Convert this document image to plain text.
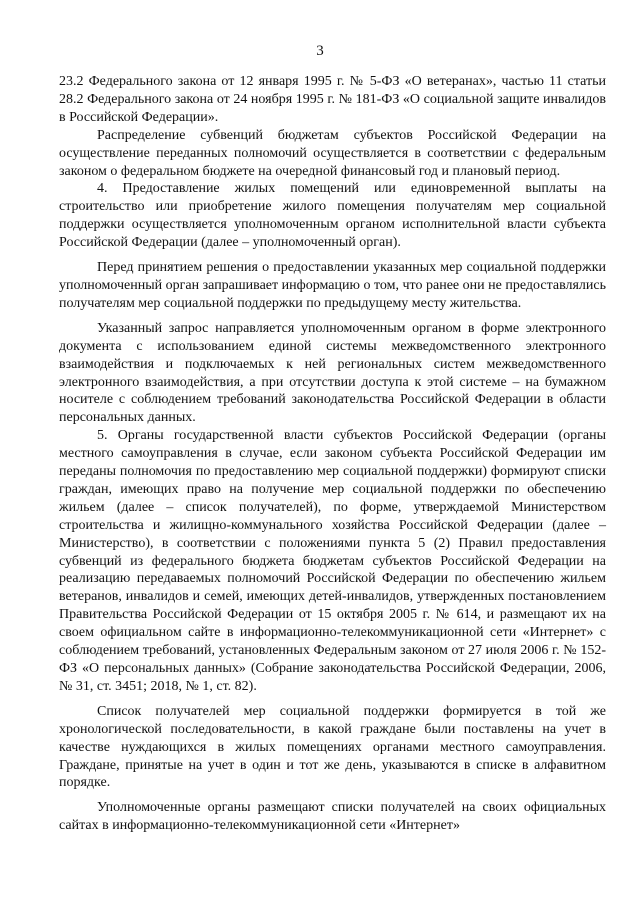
3

23.2 Федерального закона от 12 января 1995 г. № 5-ФЗ «О ветеранах», частью 11 статьи 28.2 Федерального закона от 24 ноября 1995 г. № 181-ФЗ «О социальной защите инвалидов в Российской Федерации».

Распределение субвенций бюджетам субъектов Российской Федерации на осуществление переданных полномочий осуществляется в соответствии с федеральным законом о федеральном бюджете на очередной финансовый год и плановый период.

4. Предоставление жилых помещений или единовременной выплаты на строительство или приобретение жилого помещения получателям мер социальной поддержки осуществляется уполномоченным органом исполнительной власти субъекта Российской Федерации (далее – уполномоченный орган).

Перед принятием решения о предоставлении указанных мер социальной поддержки уполномоченный орган запрашивает информацию о том, что ранее они не предоставлялись получателям мер социальной поддержки по предыдущему месту жительства.

Указанный запрос направляется уполномоченным органом в форме электронного документа с использованием единой системы межведомственного электронного взаимодействия и подключаемых к ней региональных систем межведомственного электронного взаимодействия, а при отсутствии доступа к этой системе – на бумажном носителе с соблюдением требований законодательства Российской Федерации в области персональных данных.

5. Органы государственной власти субъектов Российской Федерации (органы местного самоуправления в случае, если законом субъекта Российской Федерации им переданы полномочия по предоставлению мер социальной поддержки) формируют списки граждан, имеющих право на получение мер социальной поддержки по обеспечению жильем (далее – список получателей), по форме, утверждаемой Министерством строительства и жилищно-коммунального хозяйства Российской Федерации (далее – Министерство), в соответствии с положениями пункта 5 (2) Правил предоставления субвенций из федерального бюджета бюджетам субъектов Российской Федерации на реализацию передаваемых полномочий Российской Федерации по обеспечению жильем ветеранов, инвалидов и семей, имеющих детей-инвалидов, утвержденных постановлением Правительства Российской Федерации от 15 октября 2005 г. № 614, и размещают их на своем официальном сайте в информационно-телекоммуникационной сети «Интернет» с соблюдением требований, установленных Федеральным законом от 27 июля 2006 г. № 152-ФЗ «О персональных данных» (Собрание законодательства Российской Федерации, 2006, № 31, ст. 3451; 2018, № 1, ст. 82).

Список получателей мер социальной поддержки формируется в той же хронологической последовательности, в какой граждане были поставлены на учет в качестве нуждающихся в жилых помещениях органами местного самоуправления. Граждане, принятые на учет в один и тот же день, указываются в списке в алфавитном порядке.

Уполномоченные органы размещают списки получателей на своих официальных сайтах в информационно-телекоммуникационной сети «Интернет»
